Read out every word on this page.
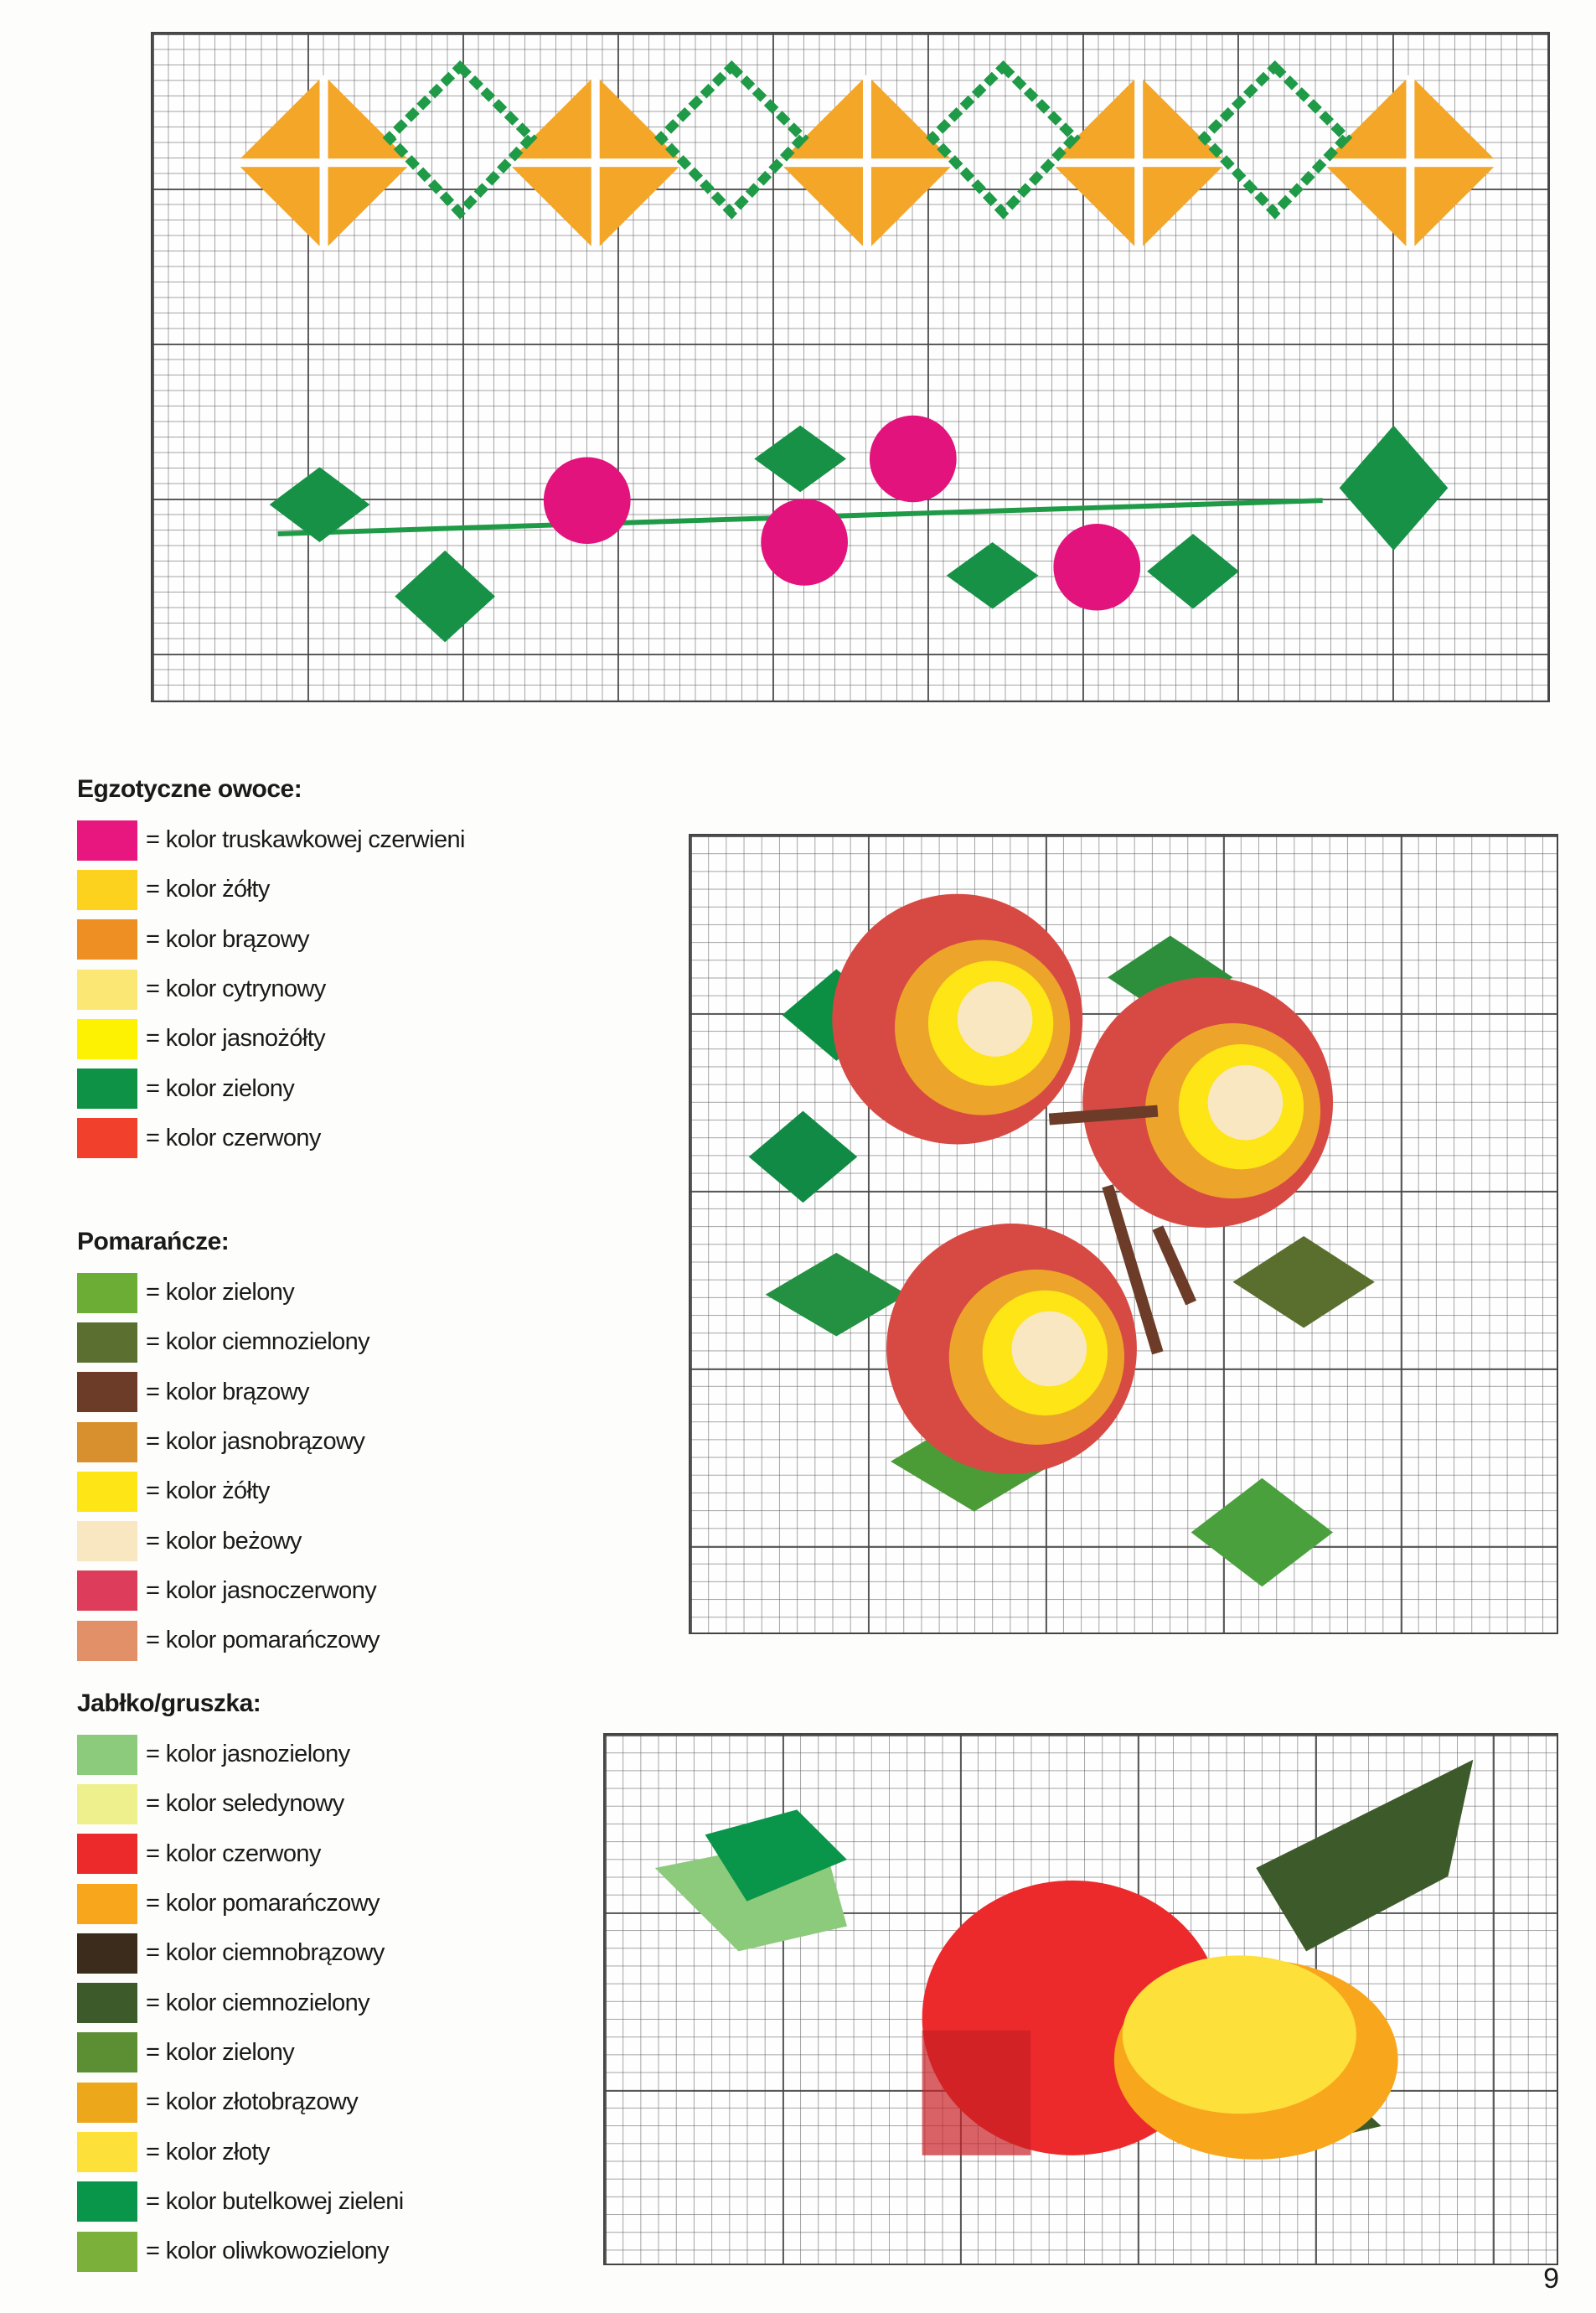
Egzotyczne owoce:
= kolor truskawkowej czerwieni
= kolor żółty
= kolor brązowy
= kolor cytrynowy
= kolor jasnożółty
= kolor zielony
= kolor czerwony
Pomarańcze:
= kolor zielony
= kolor ciemnozielony
= kolor brązowy
= kolor jasnobrązowy
= kolor żółty
= kolor beżowy
= kolor jasnoczerwony
= kolor pomarańczowy
Jabłko/gruszka:
= kolor jasnozielony
= kolor seledynowy
= kolor czerwony
= kolor pomarańczowy
= kolor ciemnobrązowy
= kolor ciemnozielony
= kolor zielony
= kolor złotobrązowy
= kolor złoty
= kolor butelkowej zieleni
= kolor oliwkowozielony
9
